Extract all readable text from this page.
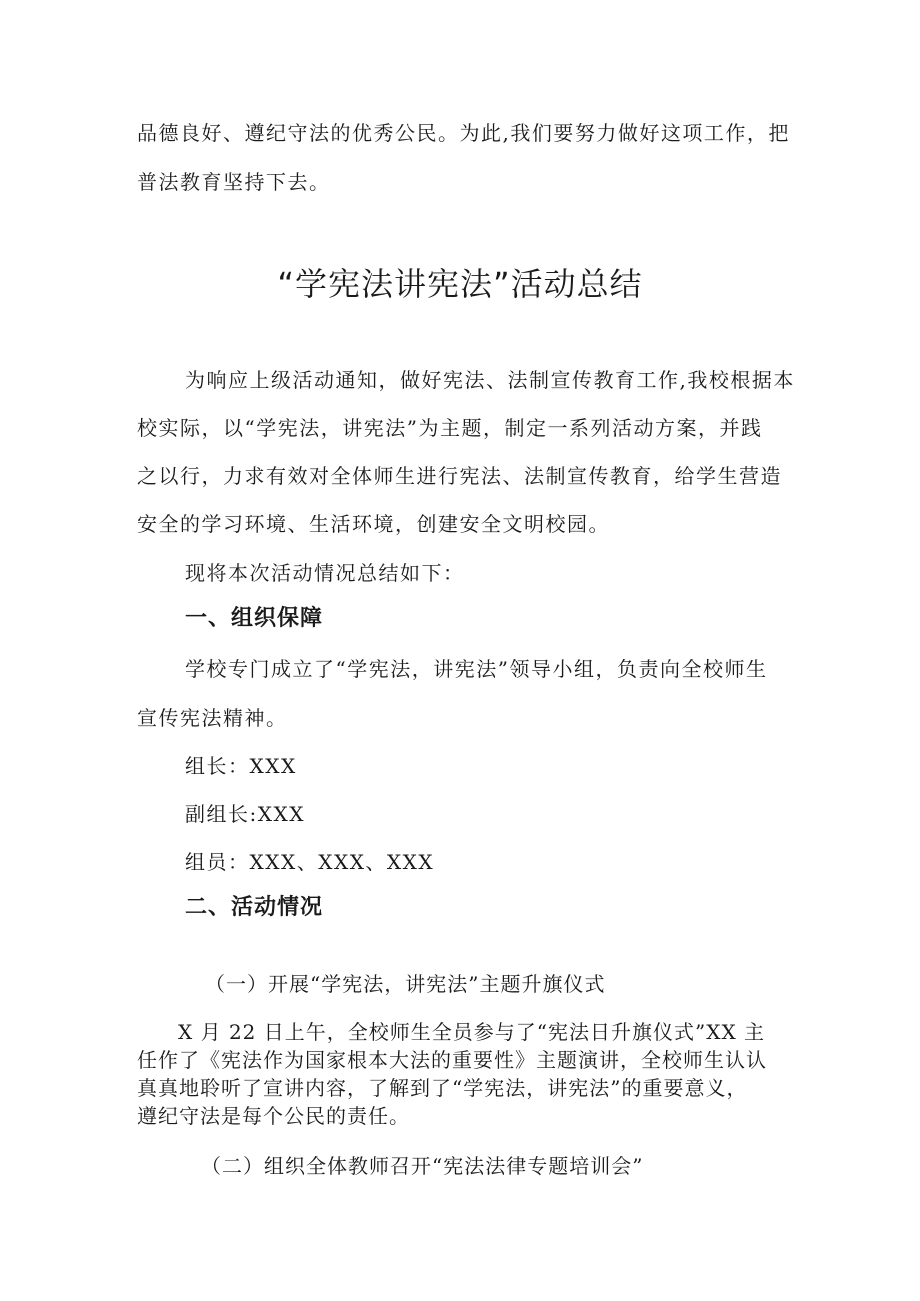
品德良好、遵纪守法的优秀公民。为此,我们要努力做好这项工作，把
普法教育坚持下去。
“学宪法讲宪法”活动总结
为响应上级活动通知，做好宪法、法制宣传教育工作,我校根据本
校实际，以“学宪法，讲宪法”为主题，制定一系列活动方案，并践
之以行，力求有效对全体师生进行宪法、法制宣传教育，给学生营造
安全的学习环境、生活环境，创建安全文明校园。
现将本次活动情况总结如下：
一、组织保障
学校专门成立了“学宪法，讲宪法”领导小组，负责向全校师生
宣传宪法精神。
组长：XXX
副组长:XXX
组员：XXX、XXX、XXX
二、活动情况
（一）开展“学宪法，讲宪法”主题升旗仪式
X 月 22 日上午，全校师生全员参与了“宪法日升旗仪式”XX 主
任作了《宪法作为国家根本大法的重要性》主题演讲，全校师生认认
真真地聆听了宣讲内容，了解到了“学宪法，讲宪法”的重要意义，
遵纪守法是每个公民的责任。
（二）组织全体教师召开“宪法法律专题培训会”
